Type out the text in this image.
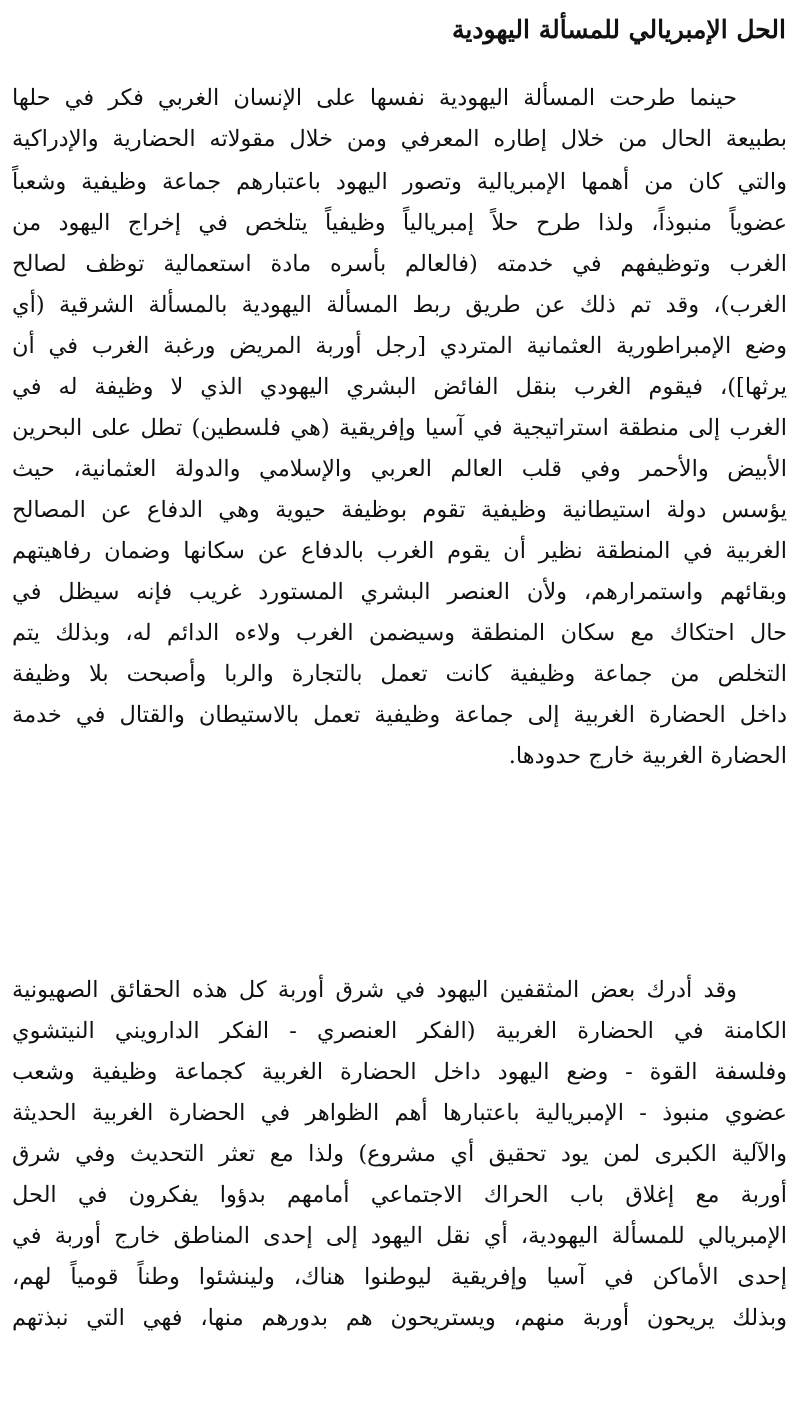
الحل الإمبريالي للمسألة اليهودية
حينما طرحت المسألة اليهودية نفسها على الإنسان الغربي فكر في حلها
بطبيعة الحال من خلال إطاره المعرفي ومن خلال مقولاته الحضارية والإدراكية
والتي كان من أهمها الإمبريالية وتصور اليهود باعتبارهم جماعة وظيفية وشعباً
عضوياً منبوذاً، ولذا طرح حلاً إمبريالياً وظيفياً يتلخص في إخراج اليهود من
الغرب وتوظيفهم في خدمته (فالعالم بأسره مادة استعمالية توظف لصالح
الغرب)، وقد تم ذلك عن طريق ربط المسألة اليهودية بالمسألة الشرقية (أي
وضع الإمبراطورية العثمانية المتردي [رجل أوربة المريض ورغبة الغرب في أن
يرثها])، فيقوم الغرب بنقل الفائض البشري اليهودي الذي لا وظيفة له في
الغرب إلى منطقة استراتيجية في آسيا وإفريقية (هي فلسطين) تطل على البحرين
الأبيض والأحمر وفي قلب العالم العربي والإسلامي والدولة العثمانية، حيث
يؤسس دولة استيطانية وظيفية تقوم بوظيفة حيوية وهي الدفاع عن المصالح
الغربية في المنطقة نظير أن يقوم الغرب بالدفاع عن سكانها وضمان رفاهيتهم
وبقائهم واستمرارهم، ولأن العنصر البشري المستورد غريب فإنه سيظل في
حال احتكاك مع سكان المنطقة وسيضمن الغرب ولاءه الدائم له، وبذلك يتم
التخلص من جماعة وظيفية كانت تعمل بالتجارة والربا وأصبحت بلا وظيفة
داخل الحضارة الغربية إلى جماعة وظيفية تعمل بالاستيطان والقتال في خدمة
الحضارة الغربية خارج حدودها.
وقد أدرك بعض المثقفين اليهود في شرق أوربة كل هذه الحقائق الصهيونية
الكامنة في الحضارة الغربية (الفكر العنصري - الفكر الدارويني النيتشوي
وفلسفة القوة - وضع اليهود داخل الحضارة الغربية كجماعة وظيفية وشعب
عضوي منبوذ - الإمبريالية باعتبارها أهم الظواهر في الحضارة الغربية الحديثة
والآلية الكبرى لمن يود تحقيق أي مشروع) ولذا مع تعثر التحديث وفي شرق
أوربة مع إغلاق باب الحراك الاجتماعي أمامهم بدؤوا يفكرون في الحل
الإمبريالي للمسألة اليهودية، أي نقل اليهود إلى إحدى المناطق خارج أوربة في
إحدى الأماكن في آسيا وإفريقية ليوطنوا هناك، ولينشئوا وطناً قومياً لهم،
وبذلك يريحون أوربة منهم، ويستريحون هم بدورهم منها، فهي التي نبذتهم
